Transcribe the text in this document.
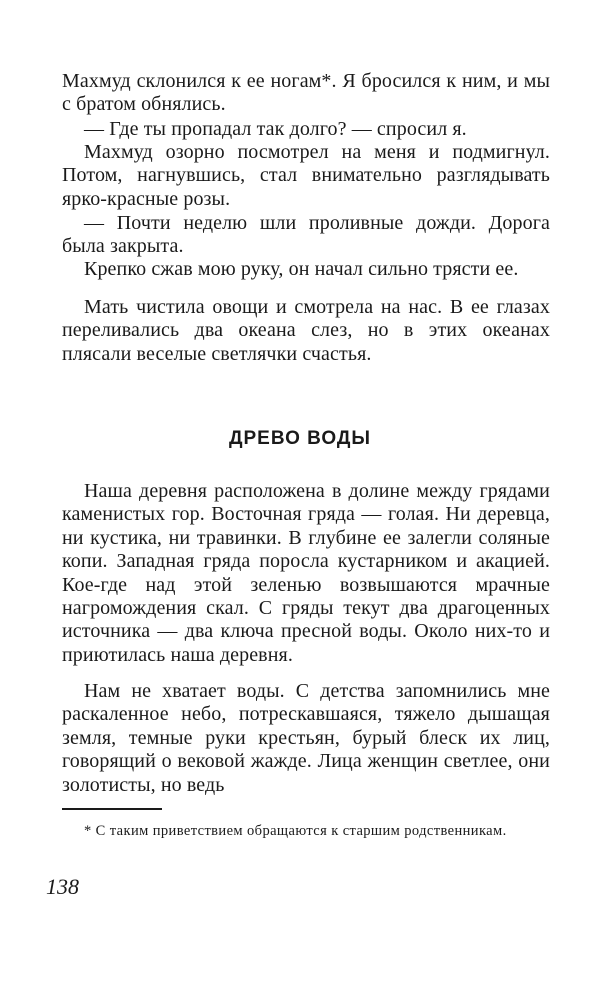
Махмуд склонился к ее ногам*. Я бросился к ним, и мы с братом обнялись.

— Где ты пропадал так долго? — спросил я.

Махмуд озорно посмотрел на меня и подмигнул. Потом, нагнувшись, стал внимательно разглядывать ярко-красные розы.

— Почти неделю шли проливные дожди. Дорога была закрыта.

Крепко сжав мою руку, он начал сильно трясти ее.

Мать чистила овощи и смотрела на нас. В ее глазах переливались два океана слез, но в этих океанах плясали веселые светлячки счастья.

ДРЕВО ВОДЫ

Наша деревня расположена в долине между грядами каменистых гор. Восточная гряда — голая. Ни деревца, ни кустика, ни травинки. В глубине ее залегли соляные копи. Западная гряда поросла кустарником и акацией. Кое-где над этой зеленью возвышаются мрачные нагромождения скал. С гряды текут два драгоценных источника — два ключа пресной воды. Около них-то и приютилась наша деревня.

Нам не хватает воды. С детства запомнились мне раскаленное небо, потрескавшаяся, тяжело дышащая земля, темные руки крестьян, бурый блеск их лиц, говорящий о вековой жажде. Лица женщин светлее, они золотисты, но ведь

* С таким приветствием обращаются к старшим родственникам.
138
